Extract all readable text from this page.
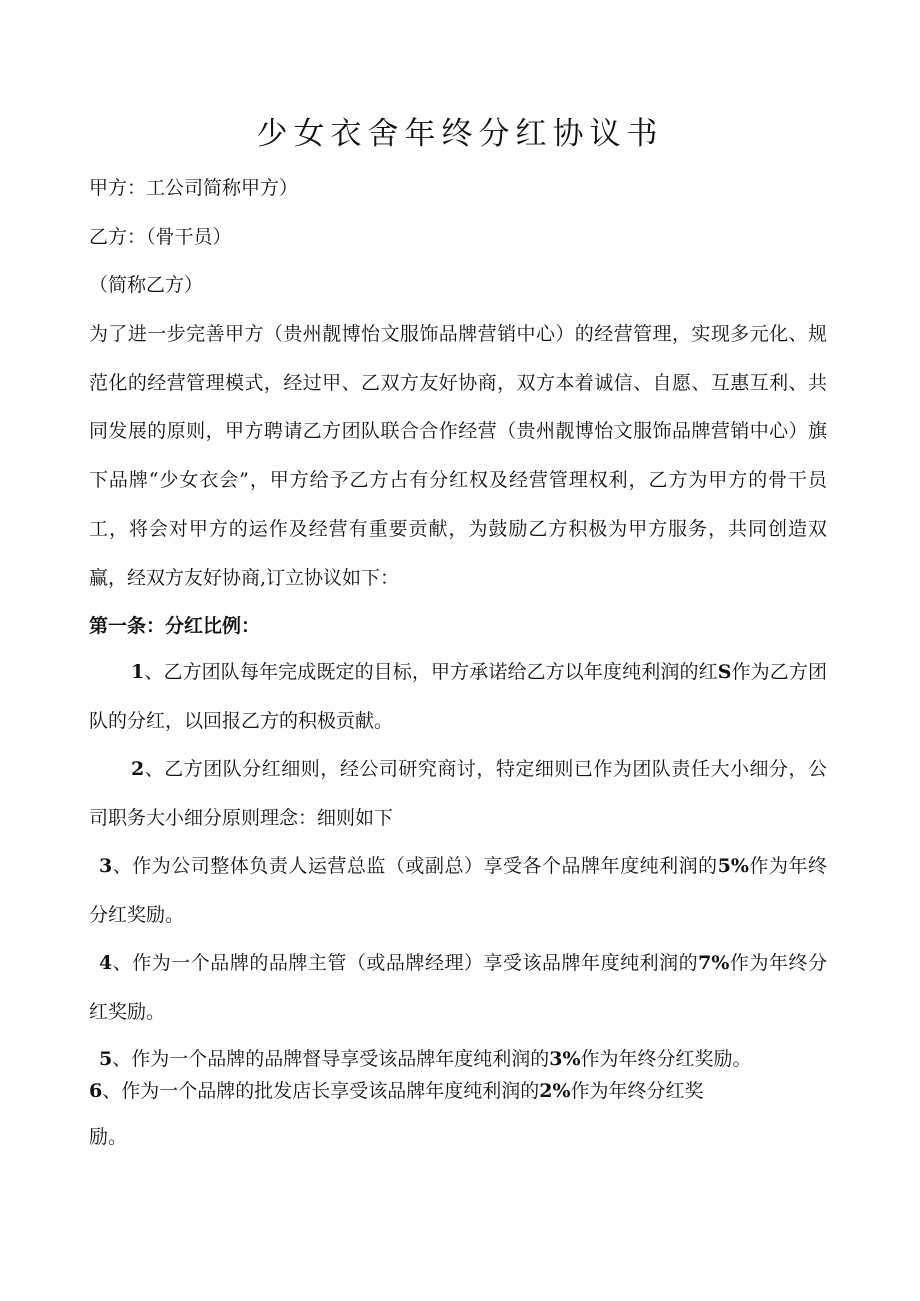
少女衣舍年终分红协议书

甲方：工公司简称甲方）

乙方：（骨干员）

（简称乙方）

为了进一步完善甲方（贵州靓博怡文服饰品牌营销中心）的经营管理，实现多元化、规范化的经营管理模式，经过甲、乙双方友好协商，双方本着诚信、自愿、互惠互利、共同发展的原则，甲方聘请乙方团队联合合作经营（贵州靓博怡文服饰品牌营销中心）旗下品牌“少女衣会”，甲方给予乙方占有分红权及经营管理权利，乙方为甲方的骨干员工，将会对甲方的运作及经营有重要贡献，为鼓励乙方积极为甲方服务，共同创造双赢，经双方友好协商,订立协议如下：

第一条：分红比例：

1、乙方团队每年完成既定的目标，甲方承诺给乙方以年度纯利润的红S作为乙方团队的分红，以回报乙方的积极贡献。

2、乙方团队分红细则，经公司研究商讨，特定细则已作为团队责任大小细分，公司职务大小细分原则理念：细则如下

3、作为公司整体负责人运营总监（或副总）享受各个品牌年度纯利润的5%作为年终分红奖励。

4、作为一个品牌的品牌主管（或品牌经理）享受该品牌年度纯利润的7%作为年终分红奖励。

5、作为一个品牌的品牌督导享受该品牌年度纯利润的3%作为年终分红奖励。

6、作为一个品牌的批发店长享受该品牌年度纯利润的2%作为年终分红奖

励。
